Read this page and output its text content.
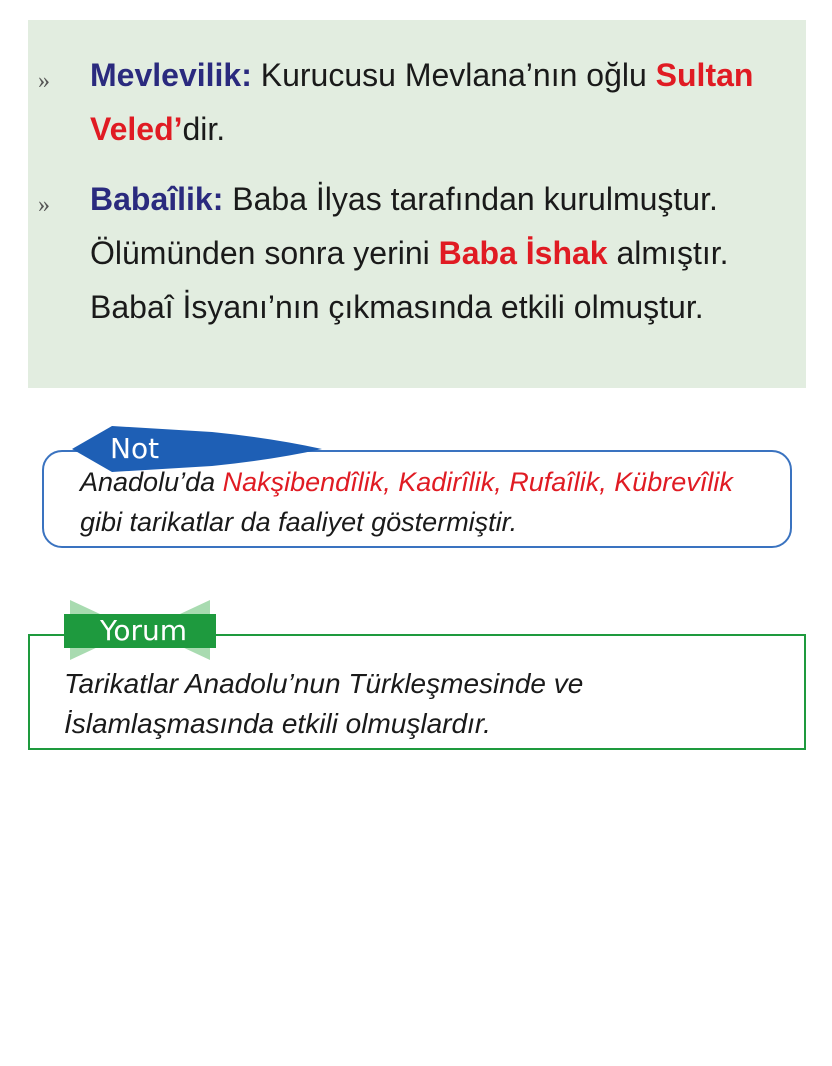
» Mevlevilik: Kurucusu Mevlana’nın oğlu Sultan Veled’dir.
» Babaîlik: Baba İlyas tarafından kurulmuştur. Ölümünden sonra yerini Baba İshak almıştır. Babaî İsyanı’nın çıkmasında etkili olmuştur.
Not
Anadolu’da Nakşibendîlik, Kadirîlik, Rufaîlik, Kübrevîlik gibi tarikatlar da faaliyet göstermiştir.
Yorum
Tarikatlar Anadolu’nun Türkleşmesinde ve İslamlaşmasında etkili olmuşlardır.
